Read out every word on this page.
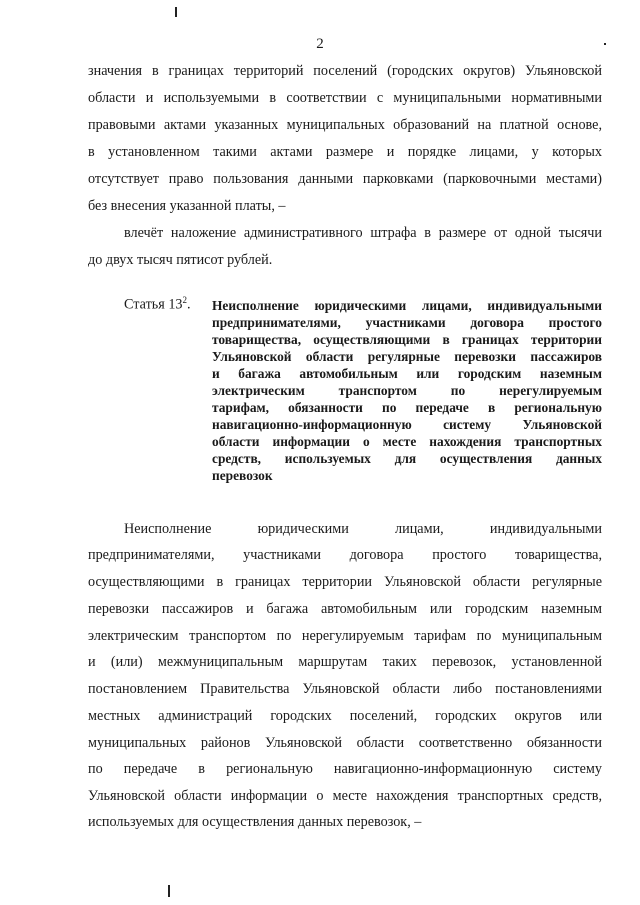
2
значения в границах территорий поселений (городских округов) Ульяновской
области и используемыми в соответствии с муниципальными нормативными
правовыми актами указанных муниципальных образований на платной основе,
в установленном такими актами размере и порядке лицами, у которых
отсутствует право пользования данными парковками (парковочными местами)
без внесения указанной платы, –
влечёт наложение административного штрафа в размере от одной тысячи
до двух тысяч пятисот рублей.
Статья $13^2$. Неисполнение юридическими лицами, индивидуальными
предпринимателями, участниками договора простого
товарищества, осуществляющими в границах территории
Ульяновской области регулярные перевозки пассажиров
и багажа автомобильным или городским наземным
электрическим транспортом по нерегулируемым
тарифам, обязанности по передаче в региональную
навигационно-информационную систему Ульяновской
области информации о месте нахождения транспортных
средств, используемых для осуществления данных
перевозок
Неисполнение юридическими лицами, индивидуальными
предпринимателями, участниками договора простого товарищества,
осуществляющими в границах территории Ульяновской области регулярные
перевозки пассажиров и багажа автомобильным или городским наземным
электрическим транспортом по нерегулируемым тарифам по муниципальным
и (или) межмуниципальным маршрутам таких перевозок, установленной
постановлением Правительства Ульяновской области либо постановлениями
местных администраций городских поселений, городских округов или
муниципальных районов Ульяновской области соответственно обязанности
по передаче в региональную навигационно-информационную систему
Ульяновской области информации о месте нахождения транспортных средств,
используемых для осуществления данных перевозок, –
